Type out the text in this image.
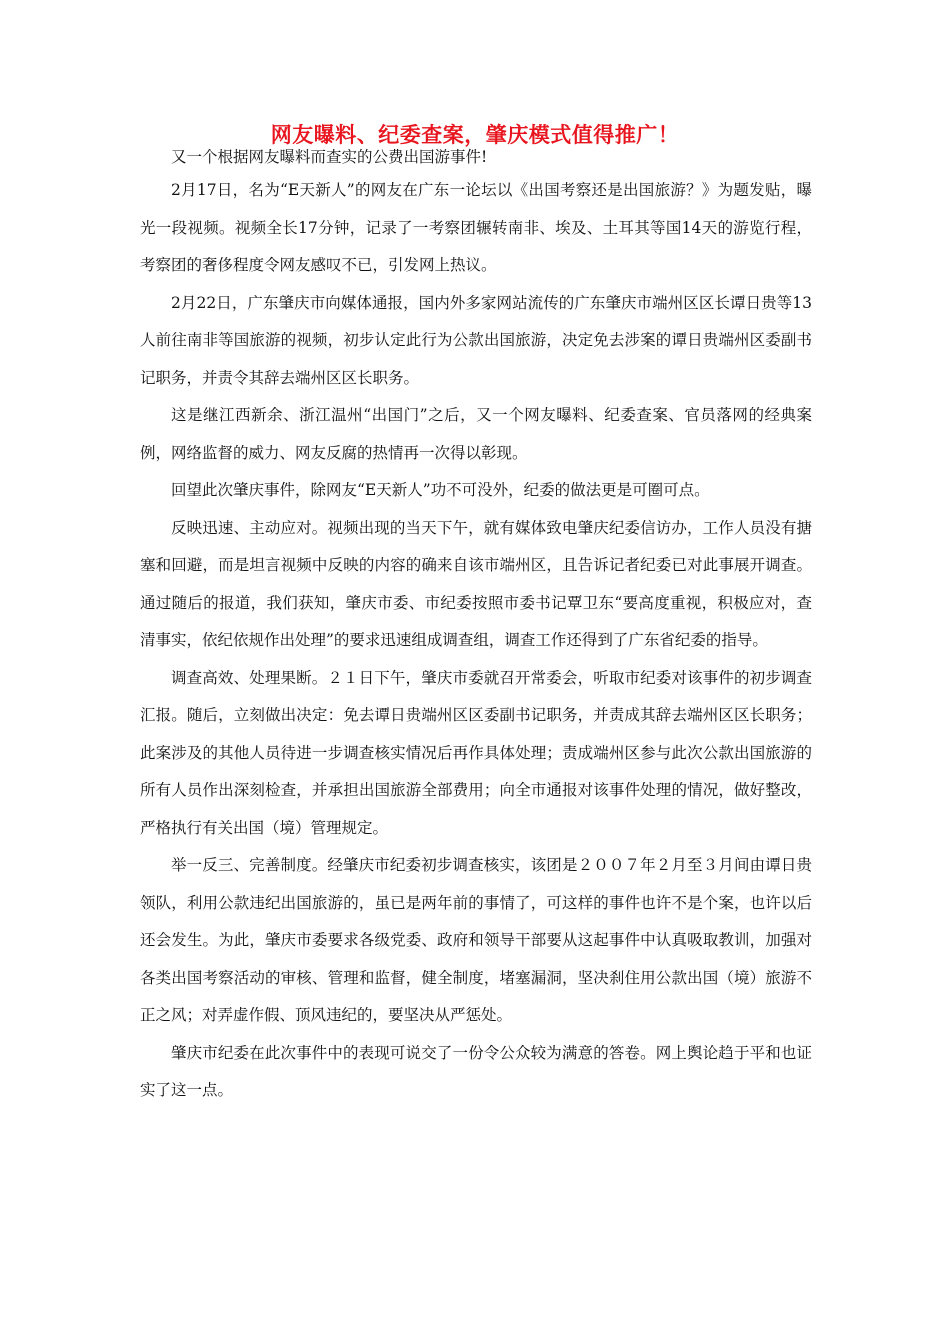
网友曝料、纪委查案，肇庆模式值得推广！

又一个根据网友曝料而查实的公费出国游事件!

2月17日，名为“E天新人”的网友在广东一论坛以《出国考察还是出国旅游？》为题发贴，曝光一段视频。视频全长17分钟，记录了一考察团辗转南非、埃及、土耳其等国14天的游览行程，考察团的奢侈程度令网友感叹不已，引发网上热议。

2月22日，广东肇庆市向媒体通报，国内外多家网站流传的广东肇庆市端州区区长谭日贵等13人前往南非等国旅游的视频，初步认定此行为公款出国旅游，决定免去涉案的谭日贵端州区委副书记职务，并责令其辞去端州区区长职务。

这是继江西新余、浙江温州“出国门”之后，又一个网友曝料、纪委查案、官员落网的经典案例，网络监督的威力、网友反腐的热情再一次得以彰现。

回望此次肇庆事件，除网友“E天新人”功不可没外，纪委的做法更是可圈可点。

反映迅速、主动应对。视频出现的当天下午，就有媒体致电肇庆纪委信访办，工作人员没有搪塞和回避，而是坦言视频中反映的内容的确来自该市端州区，且告诉记者纪委已对此事展开调查。通过随后的报道，我们获知，肇庆市委、市纪委按照市委书记覃卫东“要高度重视，积极应对，查清事实，依纪依规作出处理”的要求迅速组成调查组，调查工作还得到了广东省纪委的指导。

调查高效、处理果断。２１日下午，肇庆市委就召开常委会，听取市纪委对该事件的初步调查汇报。随后，立刻做出决定：免去谭日贵端州区区委副书记职务，并责成其辞去端州区区长职务；此案涉及的其他人员待进一步调查核实情况后再作具体处理；责成端州区参与此次公款出国旅游的所有人员作出深刻检查，并承担出国旅游全部费用；向全市通报对该事件处理的情况，做好整改，严格执行有关出国（境）管理规定。

举一反三、完善制度。经肇庆市纪委初步调查核实，该团是２００７年２月至３月间由谭日贵领队，利用公款违纪出国旅游的，虽已是两年前的事情了，可这样的事件也许不是个案，也许以后还会发生。为此，肇庆市委要求各级党委、政府和领导干部要从这起事件中认真吸取教训，加强对各类出国考察活动的审核、管理和监督，健全制度，堵塞漏洞，坚决刹住用公款出国（境）旅游不正之风；对弄虚作假、顶风违纪的，要坚决从严惩处。

肇庆市纪委在此次事件中的表现可说交了一份令公众较为满意的答卷。网上舆论趋于平和也证实了这一点。
